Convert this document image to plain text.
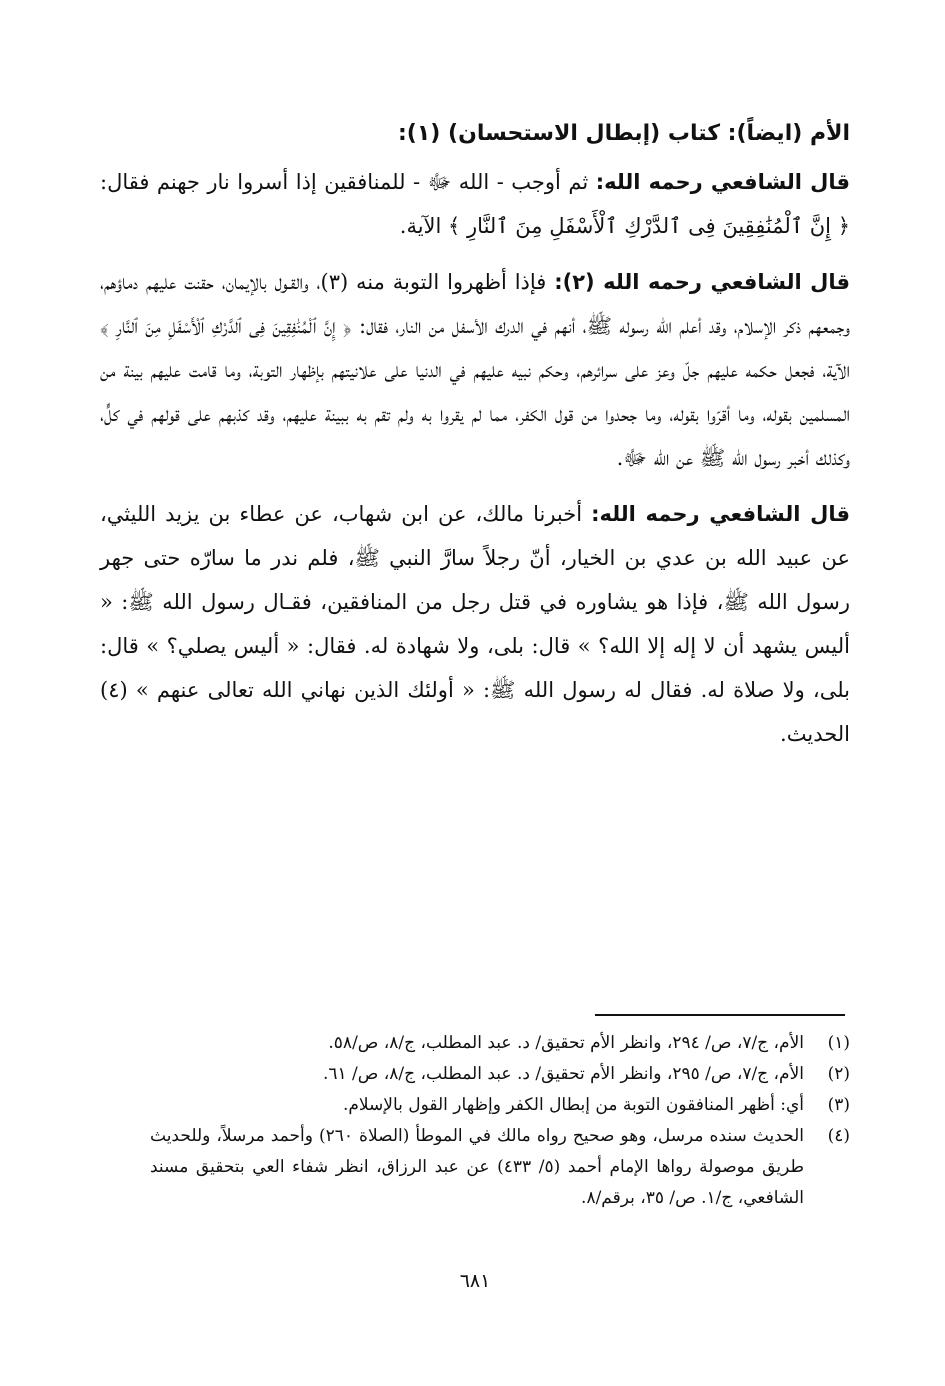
الأم (ايضاً): كتاب (إبطال الاستحسان) (١):

قال الشافعي رحمه الله: ثم أوجب - الله ﷻ - للمنافقين إذا أسروا نار جهنم فقال: ﴿ إِنَّ ٱلْمُنَٰفِقِينَ فِى ٱلدَّرْكِ ٱلْأَسْفَلِ مِنَ ٱلنَّارِ ﴾ الآية.

قال الشافعي رحمه الله (٢): فإذا أظهروا التوبة منه (٣)، والقـول بالإيمان، حقنت عليهم دماؤهم، وجمعهم ذكر الإسلام، وقد أعلم الله رسوله ﷺ، أنهم في الدرك الأسفل من النار، فقال: ﴿ إِنَّ ٱلْمُنَٰفِقِينَ فِى ٱلدَّرْكِ ٱلْأَسْفَلِ مِنَ ٱلنَّارِ ﴾ الآية، فجعل حكمه عليهم جلّ وعز على سرائرهم، وحكم نبيه عليهم في الدنيا على علانيتهم بإظهار التوبة، وما قامت عليهم بينة من المسلمين بقوله، وما أقرّوا بقوله، وما جحدوا من قول الكفر، مما لم يقروا به ولم تقم به ببينة عليهم، وقد كذبهم على قولهم في كلٍّ، وكذلك أخبر رسول الله ﷺ عن الله ﷻ.

قال الشافعي رحمه الله: أخبرنا مالك، عن ابن شهاب، عن عطاء بن يزيد الليثي، عن عبيد الله بن عدي بن الخيار، أنّ رجلاً سارَّ النبي ﷺ، فلم ندر ما سارّه حتى جهر رسول الله ﷺ، فإذا هو يشاوره في قتل رجل من المنافقين، فقـال رسول الله ﷺ: « أليس يشهد أن لا إله إلا الله؟ » قال: بلى، ولا شهادة له. فقال: « أليس يصلي؟ » قال: بلى، ولا صلاة له. فقال له رسول الله ﷺ: « أولئك الذين نهاني الله تعالى عنهم » (٤) الحديث.

(١)
الأم، ج/٧، ص/ ٢٩٤، وانظر الأم تحقيق/ د. عبد المطلب، ج/٨، ص/٥٨.
(٢)
الأم، ج/٧، ص/ ٢٩٥، وانظر الأم تحقيق/ د. عبد المطلب، ج/٨، ص/ ٦١.
(٣)
أي: أظهر المنافقون التوبة من إبطال الكفر وإظهار القول بالإسلام.
(٤)
الحديث سنده مرسل، وهو صحيح رواه مالك في الموطأ (الصلاة ٢٦٠) وأحمد مرسلاً، وللحديث طريق موصولة رواها الإمام أحمد (٥/ ٤٣٣) عن عبد الرزاق، انظر شفاء العي بتحقيق مسند الشافعي، ج/١. ص/ ٣٥، برقم/٨.
٦٨١
